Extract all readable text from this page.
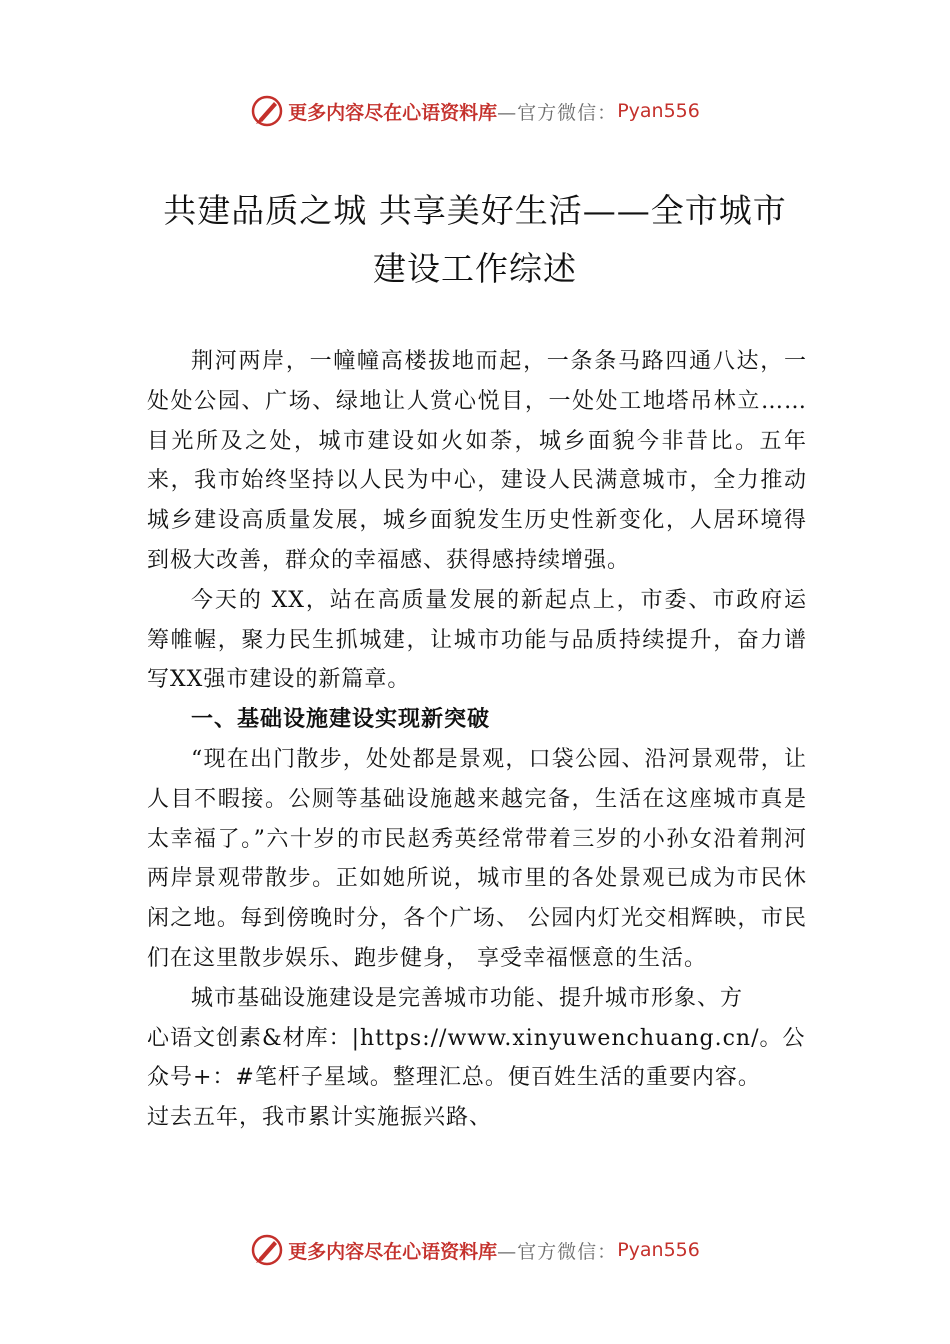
更多内容尽在心语资料库 —官方微信： Pyan556
共建品质之城 共享美好生活——全市城市
建设工作综述

荆河两岸，一幢幢高楼拔地而起，一条条马路四通八达，一处处公园、广场、绿地让人赏心悦目，一处处工地塔吊林立……目光所及之处，城市建设如火如荼，城乡面貌今非昔比。五年来，我市始终坚持以人民为中心，建设人民满意城市，全力推动城乡建设高质量发展，城乡面貌发生历史性新变化，人居环境得到极大改善，群众的幸福感、获得感持续增强。

今天的 XX，站在高质量发展的新起点上，市委、市政府运筹帷幄，聚力民生抓城建，让城市功能与品质持续提升，奋力谱写XX强市建设的新篇章。

一、基础设施建设实现新突破

“现在出门散步，处处都是景观，口袋公园、沿河景观带，让人目不暇接。公厕等基础设施越来越完备，生活在这座城市真是太幸福了。”六十岁的市民赵秀英经常带着三岁的小孙女沿着荆河两岸景观带散步。正如她所说，城市里的各处景观已成为市民休闲之地。每到傍晚时分，各个广场、 公园内灯光交相辉映，市民们在这里散步娱乐、跑步健身， 享受幸福惬意的生活。

城市基础设施建设是完善城市功能、提升城市形象、方

心语文创素&材库：|https://www.xinyuwenchuang.cn/。公

众号+：#笔杆子星域。整理汇总。便百姓生活的重要内容。

过去五年，我市累计实施振兴路、

更多内容尽在心语资料库 —官方微信： Pyan556
